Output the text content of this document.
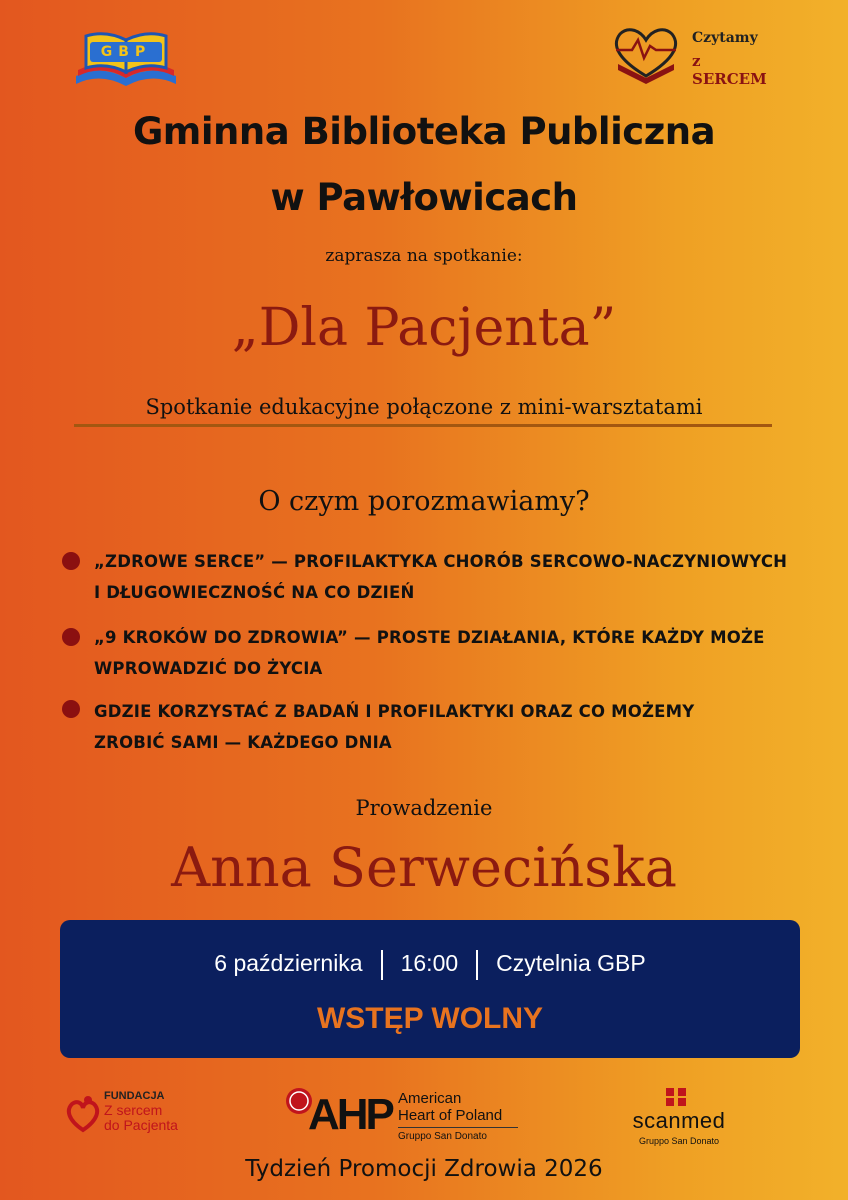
GBP
Czytamy
z SERCEM
Gminna Biblioteka Publiczna
w Pawłowicach
zaprasza na spotkanie:
„Dla Pacjenta”
Spotkanie edukacyjne połączone z mini-warsztatami
O czym porozmawiamy?
„ZDROWE SERCE” — PROFILAKTYKA CHORÓB SERCOWO-NACZYNIOWYCH
I DŁUGOWIECZNOŚĆ NA CO DZIEŃ
„9 KROKÓW DO ZDROWIA” — PROSTE DZIAŁANIA, KTÓRE KAŻDY MOŻE
WPROWADZIĆ DO ŻYCIA
GDZIE KORZYSTAĆ Z BADAŃ I PROFILAKTYKI ORAZ CO MOŻEMY
ZROBIĆ SAMI — KAŻDEGO DNIA
Prowadzenie
Anna Serwecińska
6 października 16:00 Czytelnia GBP
WSTĘP WOLNY
FUNDACJA
Z sercem
do Pacjenta	AHP American
Heart of Poland
Gruppo San Donato
scanmed
Gruppo San Donato
Tydzień Promocji Zdrowia 2026
